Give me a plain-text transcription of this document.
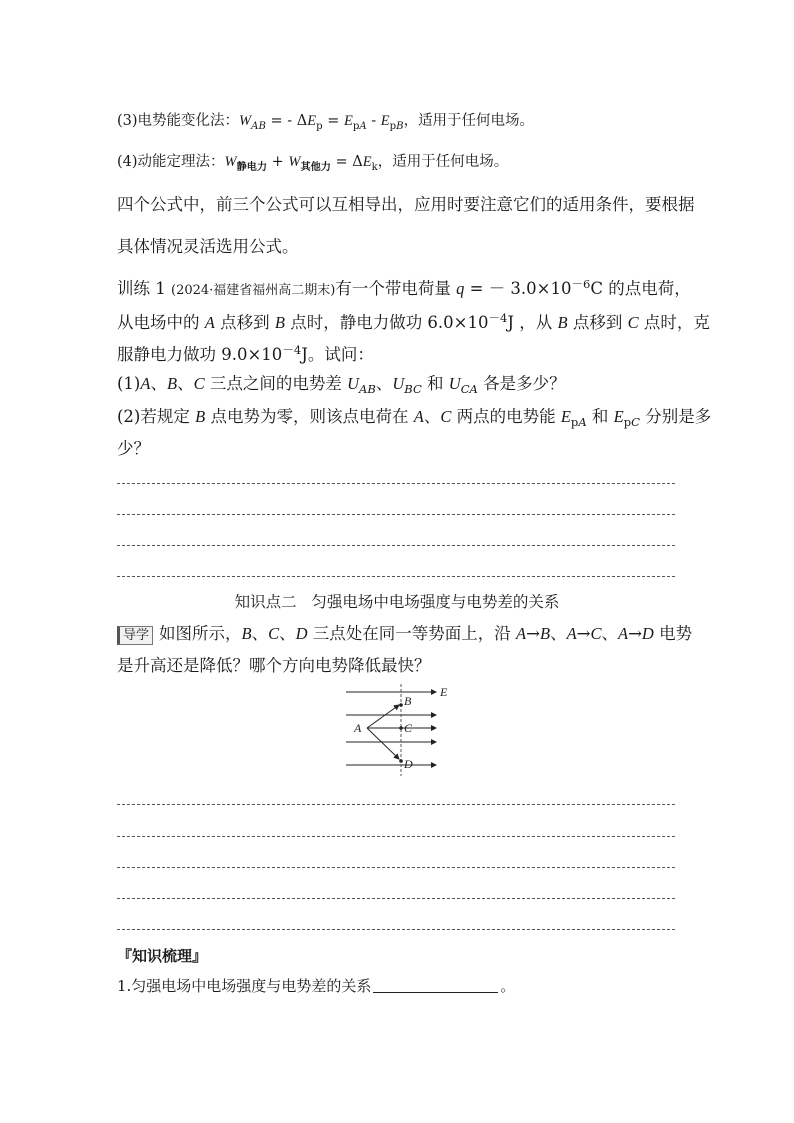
(3)电势能变化法：$W_{AB}$ = - $\Delta E_p = E_{pA} - E_{pB}$，适用于任何电场。
(4)动能定理法：$W_{静电力} + W_{其他力} = \Delta E_k$，适用于任何电场。
四个公式中，前三个公式可以互相导出，应用时要注意它们的适用条件，要根据
具体情况灵活选用公式。
训练 1 (2024·福建省福州高二期末)有一个带电荷量 q = － $3.0\times 10^{-6}C$ 的点电荷，
从电场中的 A 点移到 B 点时，静电力做功 $6.0\times 10^{-4}J$ ，从 B 点移到 C 点时，克
服静电力做功 $9.0\times 10^{-4}J$。试问：
(1)A、B、C 三点之间的电势差 $U_{AB}$、$U_{BC}$ 和 $U_{CA}$ 各是多少？
(2)若规定 B 点电势为零，则该点电荷在 A、C 两点的电势能 $E_{pA}$ 和 $E_{pC}$ 分别是多
少？
知识点二 匀强电场中电场强度与电势差的关系
导学 如图所示，B、C、D 三点处在同一等势面上，沿 A→B、A→C、A→D 电势
是升高还是降低？哪个方向电势降低最快？
E
B
C
A
D
『知识梳理』
1.匀强电场中电场强度与电势差的关系	。
